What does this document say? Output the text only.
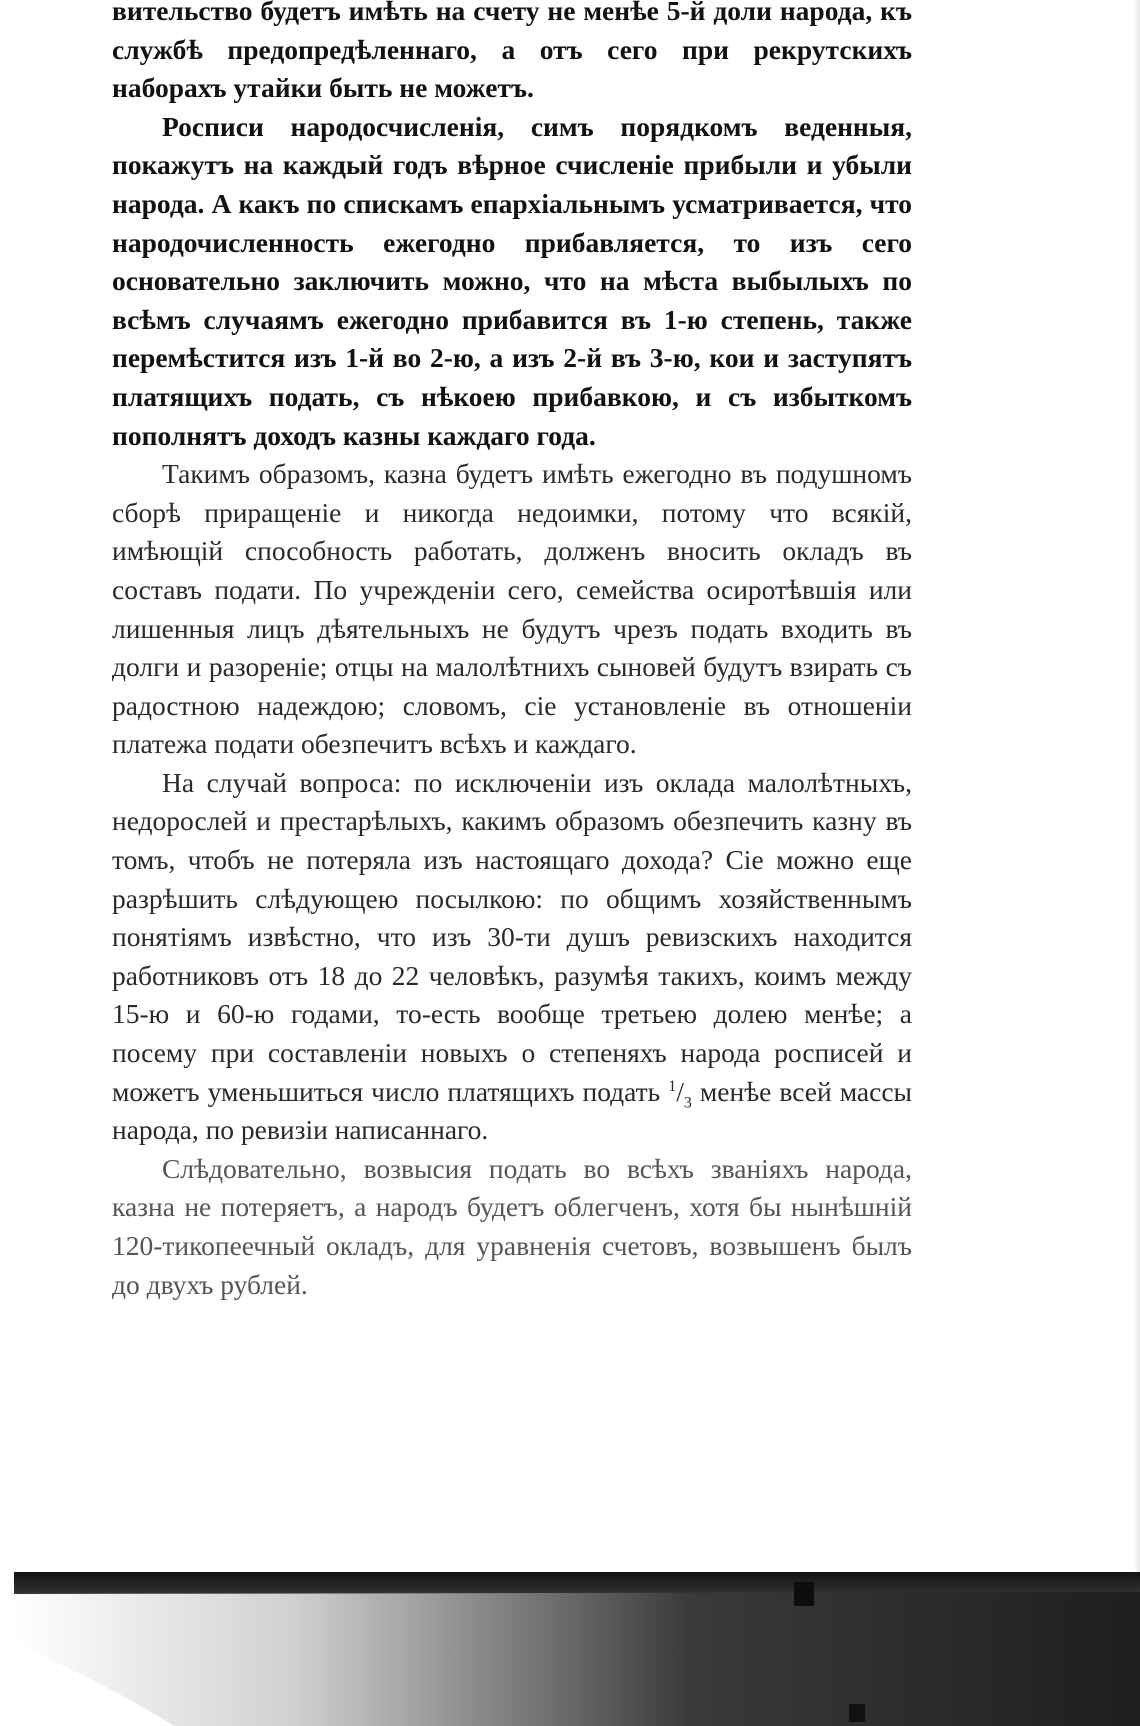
вительство будетъ имѣть на счету не менѣе 5-й доли народа, къ службѣ предопредѣленнаго, а отъ сего при рекрутскихъ наборахъ утайки быть не можетъ.

Росписи народосчисленія, симъ порядкомъ веденныя, покажутъ на каждый годъ вѣрное счисленіе прибыли и убыли народа. А какъ по спискамъ епархіальнымъ усматривается, что народочисленность ежегодно прибавляется, то изъ сего основательно заключить можно, что на мѣста выбылыхъ по всѣмъ случаямъ ежегодно прибавится въ 1-ю степень, также перемѣстится изъ 1-й во 2-ю, а изъ 2-й въ 3-ю, кои и заступятъ платящихъ подать, съ нѣкоею прибавкою, и съ избыткомъ пополнятъ доходъ казны каждаго года.

Такимъ образомъ, казна будетъ имѣть ежегодно въ подушномъ сборѣ приращеніе и никогда недоимки, потому что всякій, имѣющій способность работать, долженъ вносить окладъ въ составъ подати. По учрежденіи сего, семейства осиротѣвшія или лишенныя лицъ дѣятельныхъ не будутъ чрезъ подать входить въ долги и разореніе; отцы на малолѣтнихъ сыновей будутъ взирать съ радостною надеждою; словомъ, сіе установленіе въ отношеніи платежа подати обезпечитъ всѣхъ и каждаго.

На случай вопроса: по исключеніи изъ оклада малолѣтныхъ, недорослей и престарѣлыхъ, какимъ образомъ обезпечить казну въ томъ, чтобъ не потеряла изъ настоящаго дохода? Сіе можно еще разрѣшить слѣдующею посылкою: по общимъ хозяйственнымъ понятіямъ извѣстно, что изъ 30-ти душъ ревизскихъ находится работниковъ отъ 18 до 22 человѣкъ, разумѣя такихъ, коимъ между 15-ю и 60-ю годами, то-есть вообще третьею долею менѣе; а посему при составленіи новыхъ о степеняхъ народа росписей и можетъ уменьшиться число платящихъ подать $^1/_3$ менѣе всей массы народа, по ревизіи написаннаго.

Слѣдовательно, возвысия подать во всѣхъ званіяхъ народа, казна не потеряетъ, а народъ будетъ облегченъ, хотя бы нынѣшній 120-тикопеечный окладъ, для уравненія счетовъ, возвышенъ былъ до двухъ рублей.
